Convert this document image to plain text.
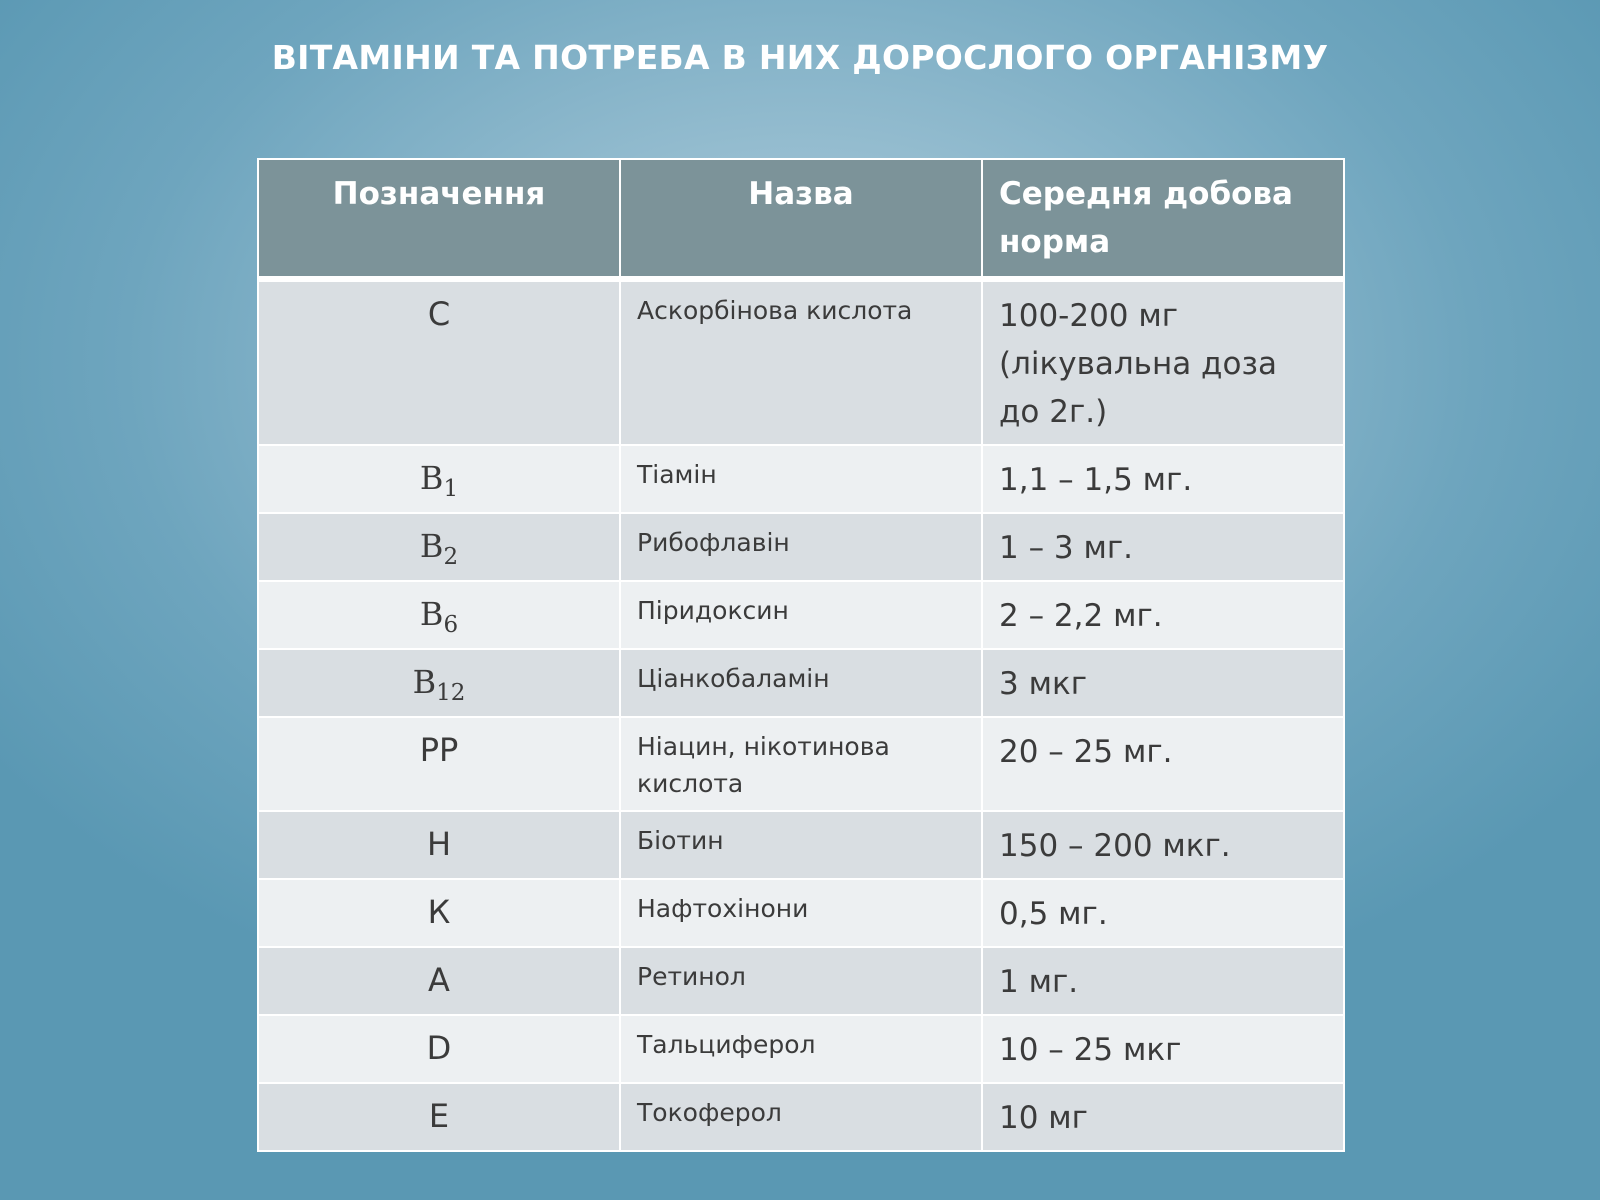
ВІТАМІНИ ТА ПОТРЕБА В НИХ ДОРОСЛОГО ОРГАНІЗМУ
Позначення	Назва	Середня добова норма
C	Аскорбінова кислота	100-200 мг (лікувальна доза до 2г.)
$B_1$	Тіамін	1,1 – 1,5 мг.
$B_2$	Рибофлавін	1 – 3 мг.
$B_6$	Піридоксин	2 – 2,2 мг.
$B_{12}$	Ціанкобаламін	3 мкг
PP	Ніацин, нікотинова кислота	20 – 25 мг.
H	Біотин	150 – 200 мкг.
К	Нафтохінони	0,5 мг.
A	Ретинол	1 мг.
D	Тальциферол	10 – 25 мкг
E	Токоферол	10 мг
